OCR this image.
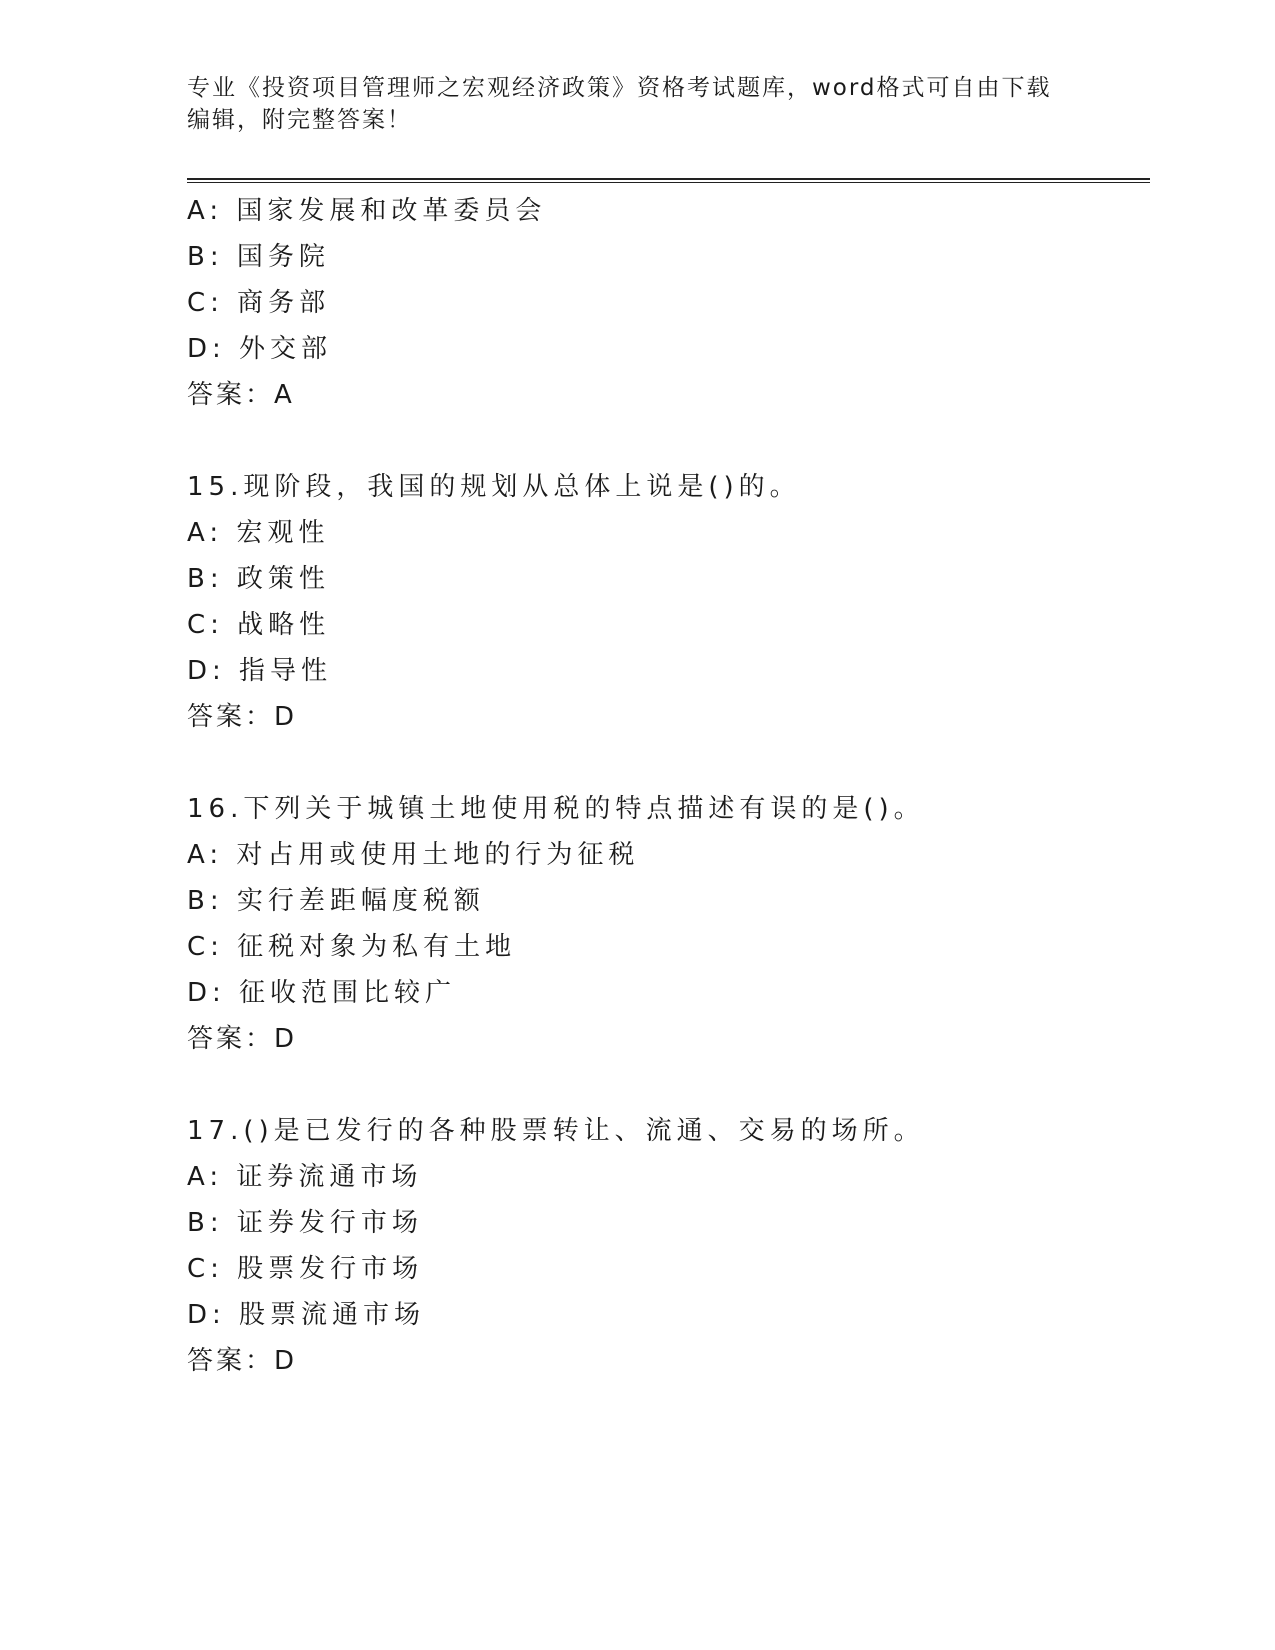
专业《投资项目管理师之宏观经济政策》资格考试题库，word格式可自由下载编辑，附完整答案！
A: 国家发展和改革委员会
B: 国务院
C: 商务部
D: 外交部
答案：A
15.现阶段，我国的规划从总体上说是()的。
A: 宏观性
B: 政策性
C: 战略性
D: 指导性
答案：D
16.下列关于城镇土地使用税的特点描述有误的是()。
A: 对占用或使用土地的行为征税
B: 实行差距幅度税额
C: 征税对象为私有土地
D: 征收范围比较广
答案：D
17.()是已发行的各种股票转让、流通、交易的场所。
A: 证券流通市场
B: 证券发行市场
C: 股票发行市场
D: 股票流通市场
答案：D
